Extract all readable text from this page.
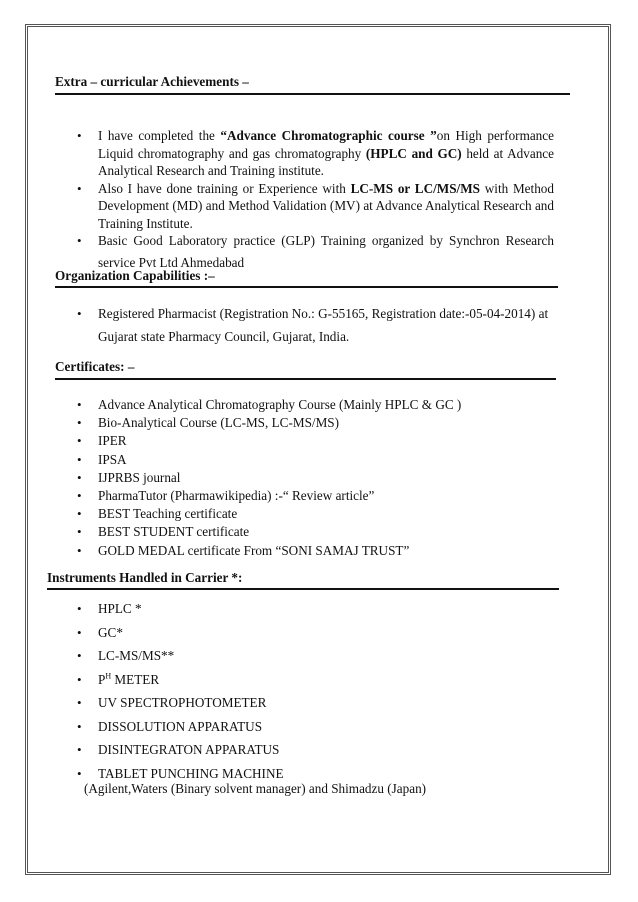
Extra – curricular Achievements –
• I have completed the “Advance Chromatographic course ”on High performance Liquid chromatography and gas chromatography (HPLC and GC) held at Advance Analytical Research and Training institute.
• Also I have done training or Experience with LC-MS or LC/MS/MS with Method Development (MD) and Method Validation (MV) at Advance Analytical Research and Training Institute.
• Basic Good Laboratory practice (GLP) Training organized by Synchron Research service Pvt Ltd Ahmedabad
Organization Capabilities :–
• Registered Pharmacist (Registration No.: G-55165, Registration date:-05-04-2014) at Gujarat state Pharmacy Council, Gujarat, India.
Certificates: –
• Advance Analytical Chromatography Course (Mainly HPLC & GC )
• Bio-Analytical Course (LC-MS, LC-MS/MS)
• IPER
• IPSA
• IJPRBS journal
• PharmaTutor (Pharmawikipedia) :-“ Review article”
• BEST Teaching certificate
• BEST STUDENT certificate
• GOLD MEDAL certificate From “SONI SAMAJ TRUST”
Instruments Handled in Carrier *:
• HPLC *
• GC*
• LC-MS/MS**
• $P^H$ METER
• UV SPECTROPHOTOMETER
• DISSOLUTION APPARATUS
• DISINTEGRATON APPARATUS
• TABLET PUNCHING MACHINE
(Agilent,Waters (Binary solvent manager) and Shimadzu (Japan)
